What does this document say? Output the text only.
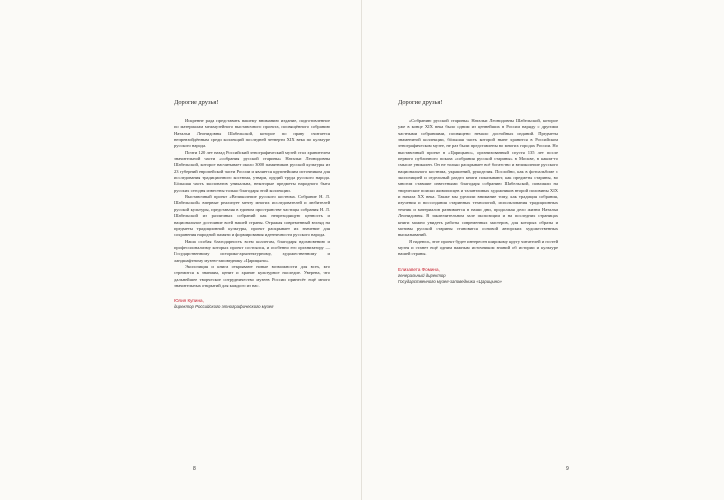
Дорогие друзья!

Искренне рада представить вашему вниманию издание, подготовленное по материалам межмузейного выставочного проекта, посвящённого собранию Натальи Леонидовны Шабельской, которое по праву считается непревзойдённым среди коллекций последней четверти XIX века по культуре русского народа.

Почти 120 лет назад Российский этнографический музей стал хранителем значительной части «собрания русской старины» Натальи Леонидовны Шабельской, которое насчитывает около 3000 памятников русской культуры из 23 губерний европейской части России и является крупнейшим источником для исследования традиционного костюма, утвари, орудий труда русского народа. Бóльшая часть экспонатов уникальна, некоторые предметы народного быта русских сегодня известны только благодаря этой коллекции.

Выставочный проект «Великолепие русского костюма. Собрание Н. Л. Шабельской» впервые реализует мечту многих исследователей и любителей русской культуры, представляя в едином пространстве частицы собрания Н. Л. Шабельской из различных собраний как непреходящую ценность и национальное достояние всей нашей страны. Отражая современный взгляд на предметы традиционной культуры, проект раскрывает их значение для сохранения народной памяти и формирования идентичности русского народа.

Наша особая благодарность всем коллегам, благодаря вдохновению и профессионализму которых проект состоялся, и особенно его организатору — Государственному историко-архитектурному, художественному и ландшафтному музею-заповеднику «Царицыно».

Экспозиция и книга открывают новые возможности для всех, кто стремится к знаниям, ценит и хранит культурное наследие. Уверена, что дальнейшее творческое сотрудничество музеев России принесёт ещё много значительных открытий для каждого из нас.

Юлия Купина,
директор Российского этнографического музея
8

Дорогие друзья!

«Собранию русской старины» Натальи Леонидовны Шабельской, которое уже в конце XIX века было одним из ценнейших в России наряду с другими частными собраниями, посвящено немало достойных изданий. Предметы знаменитой коллекции, бóльшая часть которой ныне хранится в Российском этнографическом музее, не раз были представлены во многих городах России. Но выставочный проект в «Царицыно», организованный спустя 135 лет после первого публичного показа «собрания русской старины» в Москве, в каком-то смысле уникален. Он не только раскрывает всё богатство и великолепие русского национального костюма, украшений, рукоделия. Послойно, как в фотоальбоме с экспозицией и отдельный раздел книги показывают, как предметы старины, во многом ставшие известными благодаря собранию Шабельской, повлияли на творческие поиски живописцев и талантливых художников второй половины XIX и начала XX века. Также мы уделили внимание тому, как традиция собрания, изучения и воссоздания старинных технологий, использования традиционных техник и материалов развивается в наши дни, продолжая дело жизни Натальи Леонидовны. В заключительном зале экспозиции и на последних страницах книги можно увидеть работы современных мастеров, для которых образы и мотивы русской старины становятся основой авторских художественных высказываний.

Я надеюсь, этот проект будет интересен широкому кругу читателей и гостей музея и станет ещё одним важным источником знаний об истории и культуре нашей страны.

Елизавета Фомина,
генеральный директор
Государственного музея-заповедника «Царицыно»
9
